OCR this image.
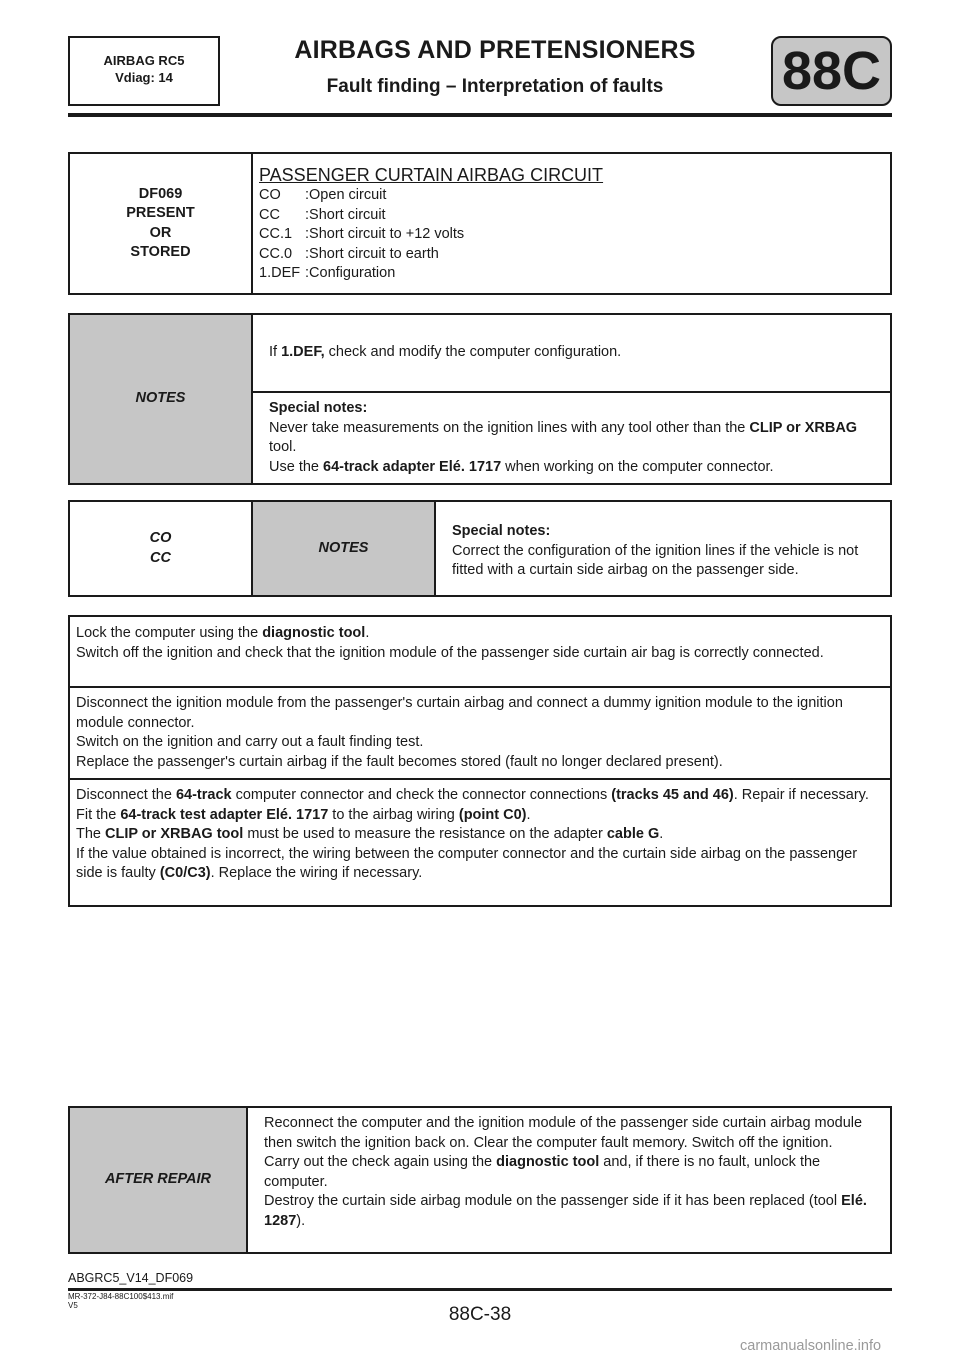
AIRBAG RC5
Vdiag: 14
AIRBAGS AND PRETENSIONERS
Fault finding – Interpretation of faults	88C
DF069
PRESENT
OR
STORED

PASSENGER CURTAIN AIRBAG CIRCUIT
CO	: Open circuit
CC	: Short circuit
CC.1 : Short circuit to +12 volts
CC.0 : Short circuit to earth
1.DEF : Configuration
NOTES	If 1.DEF, check and modify the computer configuration.

Special notes:
Never take measurements on the ignition lines with any tool other than the CLIP or XRBAG tool.
Use the 64-track adapter Elé. 1717 when working on the computer connector.
CO
CC
	NOTES	
Special notes:
Correct the configuration of the ignition lines if the vehicle is not fitted with a curtain side airbag on the passenger side.
Lock the computer using the diagnostic tool.
Switch off the ignition and check that the ignition module of the passenger side curtain air bag is correctly connected.

Disconnect the ignition module from the passenger's curtain airbag and connect a dummy ignition module to the ignition module connector.
Switch on the ignition and carry out a fault finding test.
Replace the passenger's curtain airbag if the fault becomes stored (fault no longer declared present).

Disconnect the 64-track computer connector and check the connector connections (tracks 45 and 46). Repair if necessary.
Fit the 64-track test adapter Elé. 1717 to the airbag wiring (point C0).
The CLIP or XRBAG tool must be used to measure the resistance on the adapter cable G.
If the value obtained is incorrect, the wiring between the computer connector and the curtain side airbag on the passenger side is faulty (C0/C3). Replace the wiring if necessary.
AFTER REPAIR	
Reconnect the computer and the ignition module of the passenger side curtain airbag module then switch the ignition back on. Clear the computer fault memory. Switch off the ignition.
Carry out the check again using the diagnostic tool and, if there is no fault, unlock the computer.
Destroy the curtain side airbag module on the passenger side if it has been replaced (tool Elé. 1287).
ABGRC5_V14_DF069
MR-372-J84-88C100$413.mif
V5	88C-38
carmanualsonline.info
